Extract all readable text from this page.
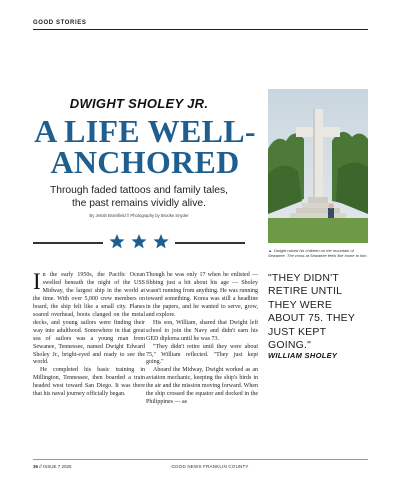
GOOD STORIES
DWIGHT SHOLEY JR.
A LIFE WELL-
ANCHORED
Through faded tattoos and family tales,
the past remains vividly alive.
By Jeriah Bramfield // Photography by Brooke Snyder
▲ Dwight raised his children on the mountain of Sewanee. The cross at Sewanee feels like home to him.

In the early 1950s, the Pacific Ocean swelled beneath the night of the USS Midway, the largest ship in the world at the time. With over 5,000 crew members on board, the ship felt like a small city. Planes soared overhead, boots clanged on the metal decks, and young sailors were finding their way into adulthood. Somewhere in that great sea of sailors was a young man from Sewanee, Tennessee, named Dwight Edward Sholey Jr., bright-eyed and ready to see the world.

He completed his basic training in Millington, Tennessee, then boarded a train headed west toward San Diego. It was there that his naval journey officially began.

Though he was only 17 when he enlisted — fibbing just a bit about his age — Sholey wasn't running from anything. He was running toward something. Korea was still a headline in the papers, and he wanted to serve, grow, and explore.

His son, William, shared that Dwight left school to join the Navy and didn't earn his GED diploma until he was 73.

"They didn't retire until they were about 75," William reflected. "They just kept going."

Aboard the Midway, Dwight worked as an aviation mechanic, keeping the ship's birds in the air and the mission moving forward. When the ship crossed the equator and docked in the Philippines — as

"THEY DIDN'T RETIRE UNTIL THEY WERE ABOUT 75. THEY JUST KEPT GOING."
WILLIAM SHOLEY
36 // ISSUE 7 2025	GOOD NEWS FRANKLIN COUNTY
